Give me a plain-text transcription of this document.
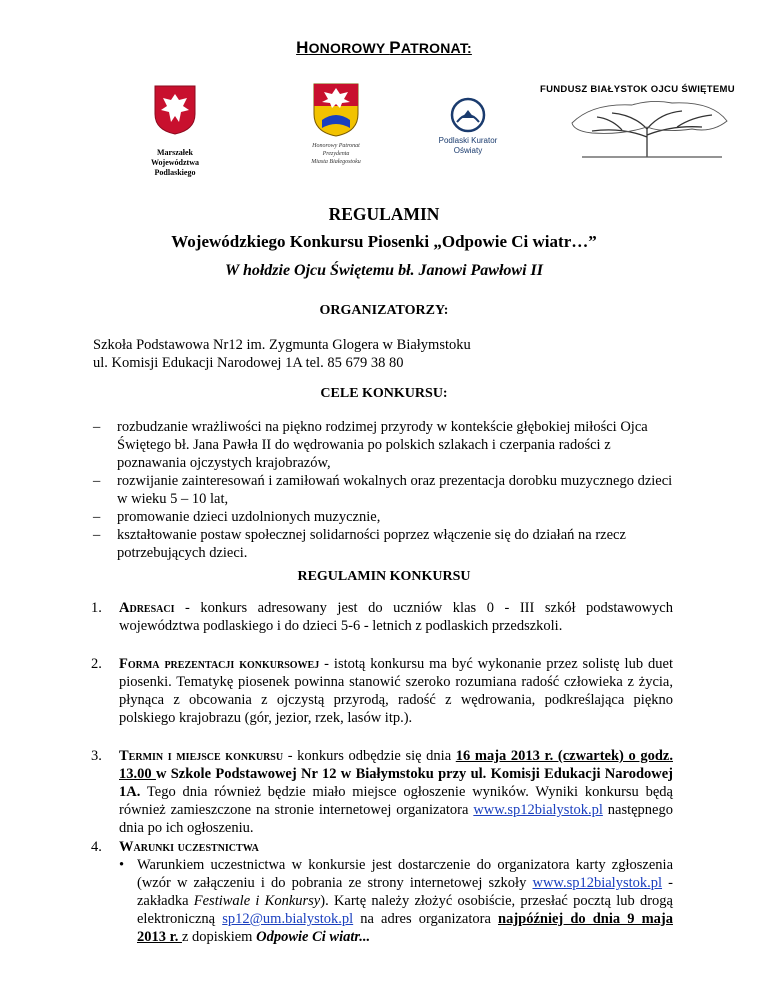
HONOROWY PATRONAT:
Marszałek
Województwa Podlaskiego
Honorowy Patronat
Prezydenta
Miasta Białegostoku
Podlaski Kurator
Oświaty
FUNDUSZ BIAŁYSTOK OJCU ŚWIĘTEMU
REGULAMIN
Wojewódzkiego Konkursu Piosenki „Odpowie Ci wiatr…”
W hołdzie Ojcu Świętemu bł. Janowi Pawłowi II
ORGANIZATORZY:
Szkoła Podstawowa Nr12 im. Zygmunta Glogera w Białymstoku
ul. Komisji Edukacji Narodowej 1A tel. 85 679 38 80
CELE KONKURSU:
– rozbudzanie wrażliwości na piękno rodzimej przyrody w kontekście głębokiej miłości Ojca Świętego bł. Jana Pawła II do wędrowania po polskich szlakach i czerpania radości z poznawania ojczystych krajobrazów,
– rozwijanie zainteresowań i zamiłowań wokalnych oraz prezentacja dorobku muzycznego dzieci w wieku 5 – 10 lat,
– promowanie dzieci uzdolnionych muzycznie,
– kształtowanie postaw społecznej solidarności poprzez włączenie się do działań na rzecz potrzebujących dzieci.
REGULAMIN KONKURSU
1. Adresaci - konkurs adresowany jest do uczniów klas 0 - III szkół podstawowych województwa podlaskiego i do dzieci 5-6 - letnich z podlaskich przedszkoli.
2. Forma prezentacji konkursowej - istotą konkursu ma być wykonanie przez solistę lub duet piosenki. Tematykę piosenek powinna stanowić szeroko rozumiana radość człowieka z życia, płynąca z obcowania z ojczystą przyrodą, radość z wędrowania, podkreślająca piękno polskiego krajobrazu (gór, jezior, rzek, lasów itp.).
3. Termin i miejsce konkursu - konkurs odbędzie się dnia 16 maja 2013 r. (czwartek) o godz. 13.00 w Szkole Podstawowej Nr 12 w Białymstoku przy ul. Komisji Edukacji Narodowej 1A. Tego dnia również będzie miało miejsce ogłoszenie wyników. Wyniki konkursu będą również zamieszczone na stronie internetowej organizatora www.sp12bialystok.pl następnego dnia po ich ogłoszeniu.
4. Warunki uczestnictwa
• Warunkiem uczestnictwa w konkursie jest dostarczenie do organizatora karty zgłoszenia (wzór w załączeniu i do pobrania ze strony internetowej szkoły www.sp12bialystok.pl - zakładka Festiwale i Konkursy). Kartę należy złożyć osobiście, przesłać pocztą lub drogą elektroniczną sp12@um.bialystok.pl na adres organizatora najpóźniej do dnia 9 maja 2013 r. z dopiskiem Odpowie Ci wiatr...
